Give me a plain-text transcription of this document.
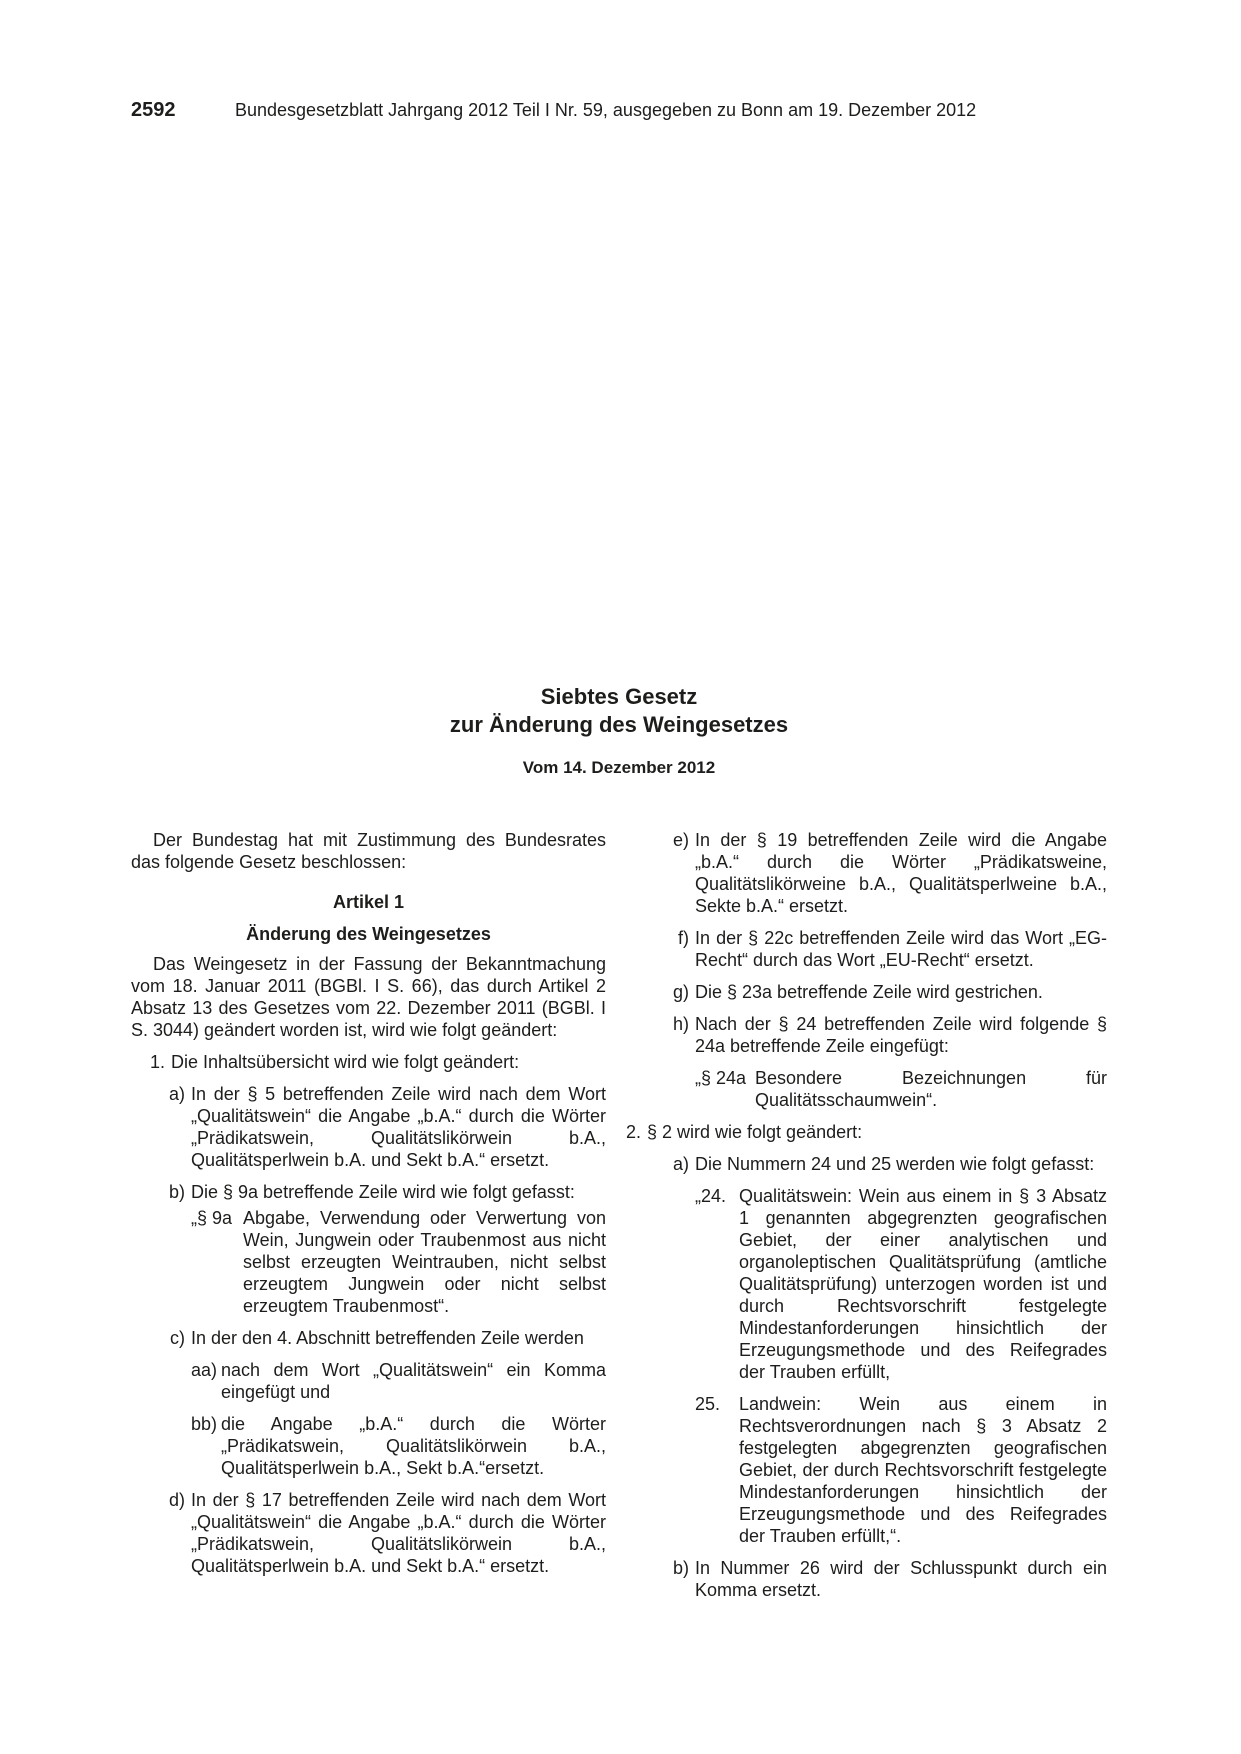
2592	Bundesgesetzblatt Jahrgang 2012 Teil I Nr. 59, ausgegeben zu Bonn am 19. Dezember 2012

Siebtes Gesetz

zur Änderung des Weingesetzes

Vom 14. Dezember 2012

Der Bundestag hat mit Zustimmung des Bundesrates das folgende Gesetz beschlossen:

Artikel 1

Änderung des Weingesetzes

Das Weingesetz in der Fassung der Bekanntmachung vom 18. Januar 2011 (BGBl. I S. 66), das durch Artikel 2 Absatz 13 des Gesetzes vom 22. Dezember 2011 (BGBl. I S. 3044) geändert worden ist, wird wie folgt geändert:

1. Die Inhaltsübersicht wird wie folgt geändert:
a) In der § 5 betreffenden Zeile wird nach dem Wort „Qualitätswein“ die Angabe „b.A.“ durch die Wörter „Prädikatswein, Qualitätslikörwein b.A., Qualitätsperlwein b.A. und Sekt b.A.“ ersetzt.
b) Die § 9a betreffende Zeile wird wie folgt gefasst:
„§ 9a Abgabe, Verwendung oder Verwertung von Wein, Jungwein oder Traubenmost aus nicht selbst erzeugten Weintrauben, nicht selbst erzeugtem Jungwein oder nicht selbst erzeugtem Traubenmost“.
c) In der den 4. Abschnitt betreffenden Zeile werden
aa) nach dem Wort „Qualitätswein“ ein Komma eingefügt und
bb) die Angabe „b.A.“ durch die Wörter „Prädikatswein, Qualitätslikörwein b.A., Qualitätsperlwein b.A., Sekt b.A.“ersetzt.
d) In der § 17 betreffenden Zeile wird nach dem Wort „Qualitätswein“ die Angabe „b.A.“ durch die Wörter „Prädikatswein, Qualitätslikörwein b.A., Qualitätsperlwein b.A. und Sekt b.A.“ ersetzt.
e) In der § 19 betreffenden Zeile wird die Angabe „b.A.“ durch die Wörter „Prädikatsweine, Qualitätslikörweine b.A., Qualitätsperlweine b.A., Sekte b.A.“ ersetzt.
f) In der § 22c betreffenden Zeile wird das Wort „EG-Recht“ durch das Wort „EU-Recht“ ersetzt.
g) Die § 23a betreffende Zeile wird gestrichen.
h) Nach der § 24 betreffenden Zeile wird folgende § 24a betreffende Zeile eingefügt:
„§ 24a Besondere Bezeichnungen für Qualitätsschaumwein“.
2. § 2 wird wie folgt geändert:
a) Die Nummern 24 und 25 werden wie folgt gefasst:
„24. Qualitätswein: Wein aus einem in § 3 Absatz 1 genannten abgegrenzten geografischen Gebiet, der einer analytischen und organoleptischen Qualitätsprüfung (amtliche Qualitätsprüfung) unterzogen worden ist und durch Rechtsvorschrift festgelegte Mindestanforderungen hinsichtlich der Erzeugungsmethode und des Reifegrades der Trauben erfüllt,
25.	Landwein: Wein aus einem in Rechtsverordnungen nach § 3 Absatz 2 festgelegten abgegrenzten geografischen Gebiet, der durch Rechtsvorschrift festgelegte Mindestanforderungen hinsichtlich der Erzeugungsmethode und des Reifegrades der Trauben erfüllt,“.
b) In Nummer 26 wird der Schlusspunkt durch ein Komma ersetzt.
